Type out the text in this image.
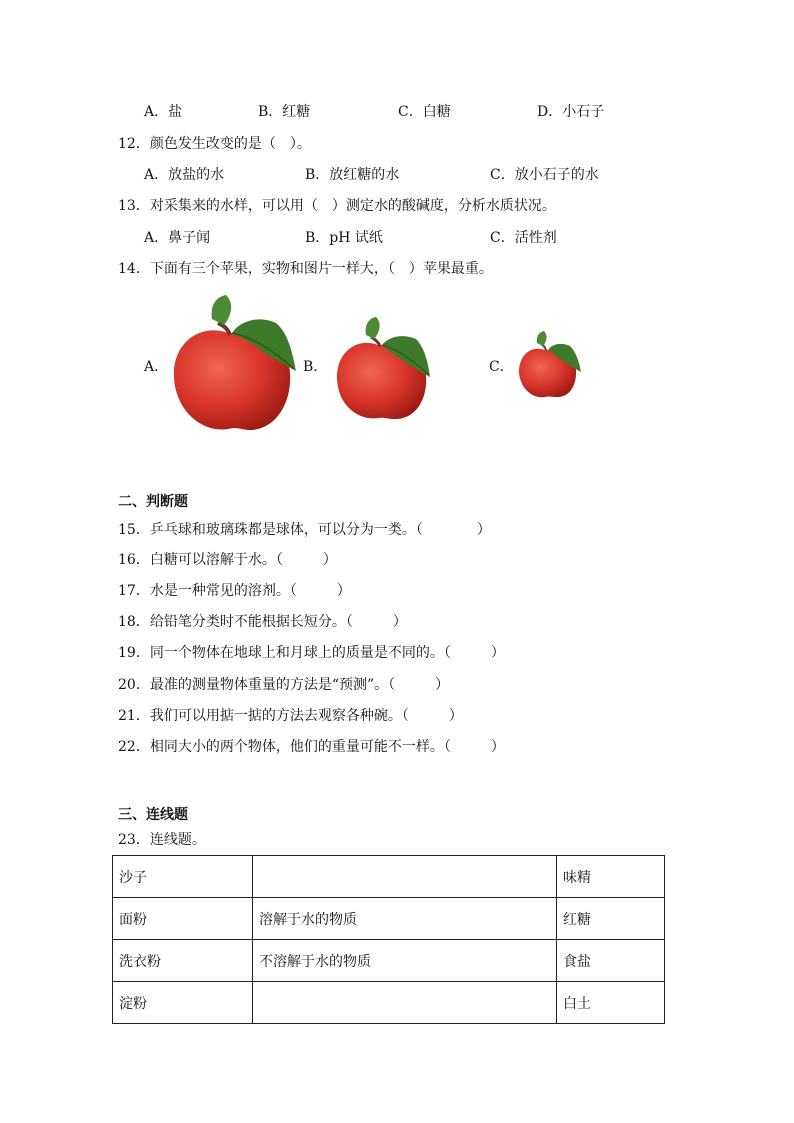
A．盐	B．红糖	C．白糖	D．小石子
12．颜色发生改变的是（　）。
A．放盐的水	B．放红糖的水	C．放小石子的水
13．对采集来的水样，可以用（　）测定水的酸碱度，分析水质状况。
A．鼻子闻	B．pH 试纸	C．活性剂
14．下面有三个苹果，实物和图片一样大，（　）苹果最重。
A．	B．	C．
二、判断题
15．乒乓球和玻璃珠都是球体，可以分为一类。（	）
16．白糖可以溶解于水。（	）
17．水是一种常见的溶剂。（	）
18．给铅笔分类时不能根据长短分。（	）
19．同一个物体在地球上和月球上的质量是不同的。（	）
20．最准的测量物体重量的方法是“预测”。（	）
21．我们可以用掂一掂的方法去观察各种碗。（	）
22．相同大小的两个物体，他们的重量可能不一样。（	）
三、连线题
23．连线题。
沙子		味精
面粉	溶解于水的物质	红糖
洗衣粉	不溶解于水的物质	食盐
淀粉		白土
